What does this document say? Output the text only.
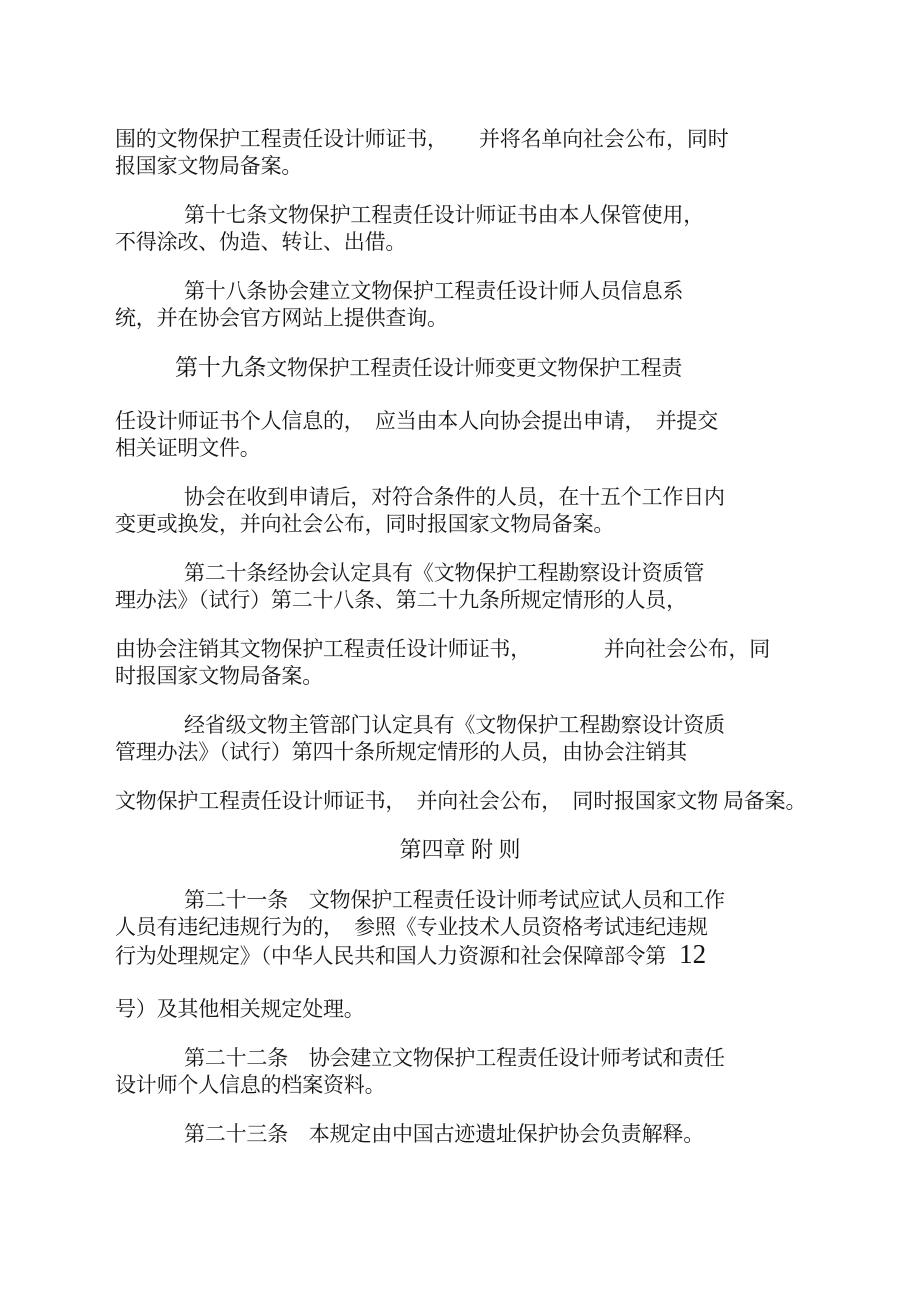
围的文物保护工程责任设计师证书，　　并将名单向社会公布，同时
报国家文物局备案。
第十七条文物保护工程责任设计师证书由本人保管使用，
不得涂改、伪造、转让、出借。
第十八条协会建立文物保护工程责任设计师人员信息系
统，并在协会官方网站上提供查询。
第十九条文物保护工程责任设计师变更文物保护工程责
任设计师证书个人信息的，　应当由本人向协会提出申请，　并提交
相关证明文件。
协会在收到申请后，对符合条件的人员，在十五个工作日内
变更或换发，并向社会公布，同时报国家文物局备案。
第二十条经协会认定具有《文物保护工程勘察设计资质管
理办法》（试行）第二十八条、第二十九条所规定情形的人员，
由协会注销其文物保护工程责任设计师证书，　　　　并向社会公布，同
时报国家文物局备案。
经省级文物主管部门认定具有《文物保护工程勘察设计资质
管理办法》（试行）第四十条所规定情形的人员，由协会注销其
文物保护工程责任设计师证书，　并向社会公布，　同时报国家文物 局备案。
第四章 附 则
第二十一条　文物保护工程责任设计师考试应试人员和工作
人员有违纪违规行为的，　参照《专业技术人员资格考试违纪违规
行为处理规定》（中华人民共和国人力资源和社会保障部令第 12
号）及其他相关规定处理。
第二十二条　协会建立文物保护工程责任设计师考试和责任
设计师个人信息的档案资料。
第二十三条　本规定由中国古迹遗址保护协会负责解释。
